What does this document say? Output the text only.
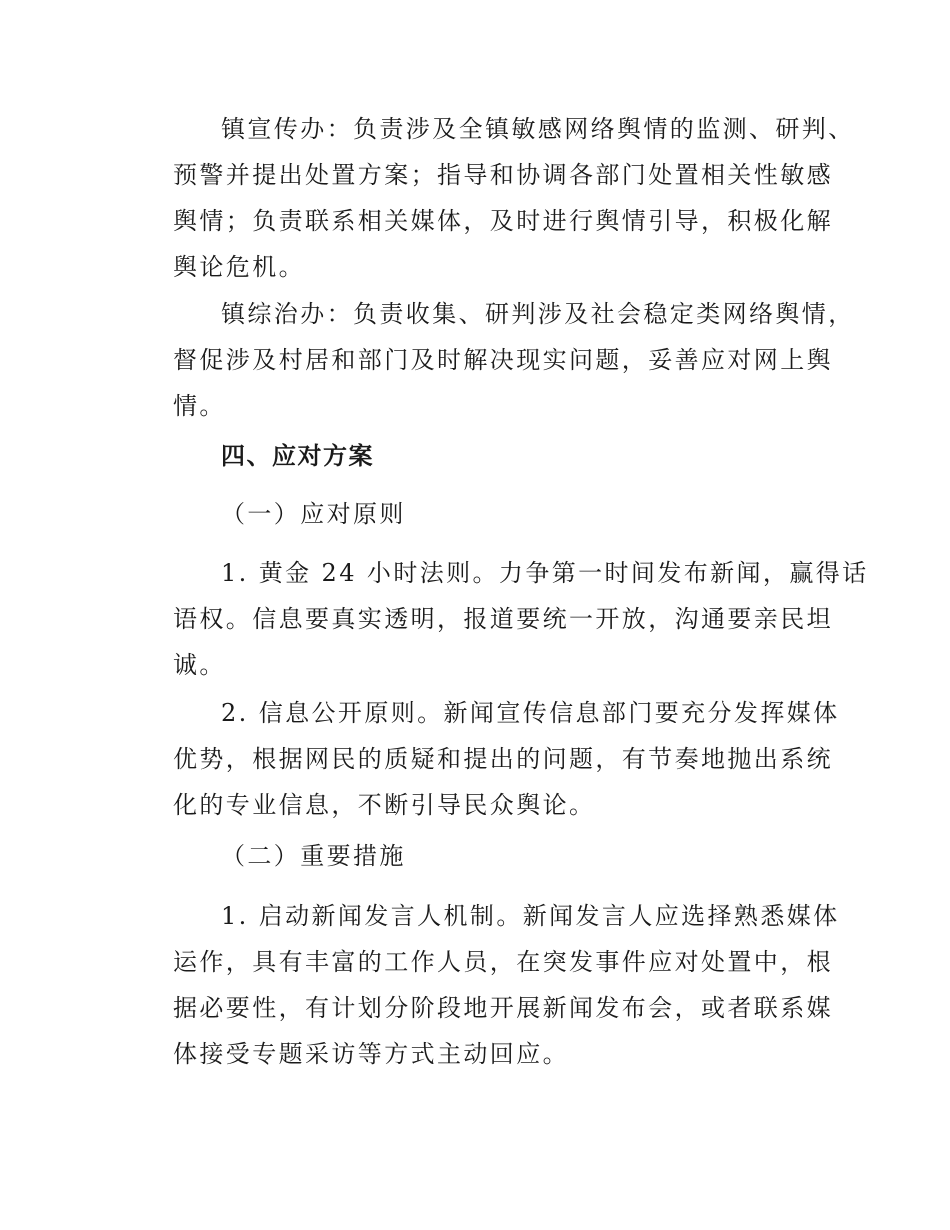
镇宣传办：负责涉及全镇敏感网络舆情的监测、研判、
预警并提出处置方案；指导和协调各部门处置相关性敏感
舆情；负责联系相关媒体，及时进行舆情引导，积极化解
舆论危机。
镇综治办：负责收集、研判涉及社会稳定类网络舆情，
督促涉及村居和部门及时解决现实问题，妥善应对网上舆
情。
四、应对方案
（一）应对原则
1. 黄金 24 小时法则。力争第一时间发布新闻，赢得话
语权。信息要真实透明，报道要统一开放，沟通要亲民坦
诚。
2. 信息公开原则。新闻宣传信息部门要充分发挥媒体
优势，根据网民的质疑和提出的问题，有节奏地抛出系统
化的专业信息，不断引导民众舆论。
（二）重要措施
1. 启动新闻发言人机制。新闻发言人应选择熟悉媒体
运作，具有丰富的工作人员，在突发事件应对处置中，根
据必要性，有计划分阶段地开展新闻发布会，或者联系媒
体接受专题采访等方式主动回应。
